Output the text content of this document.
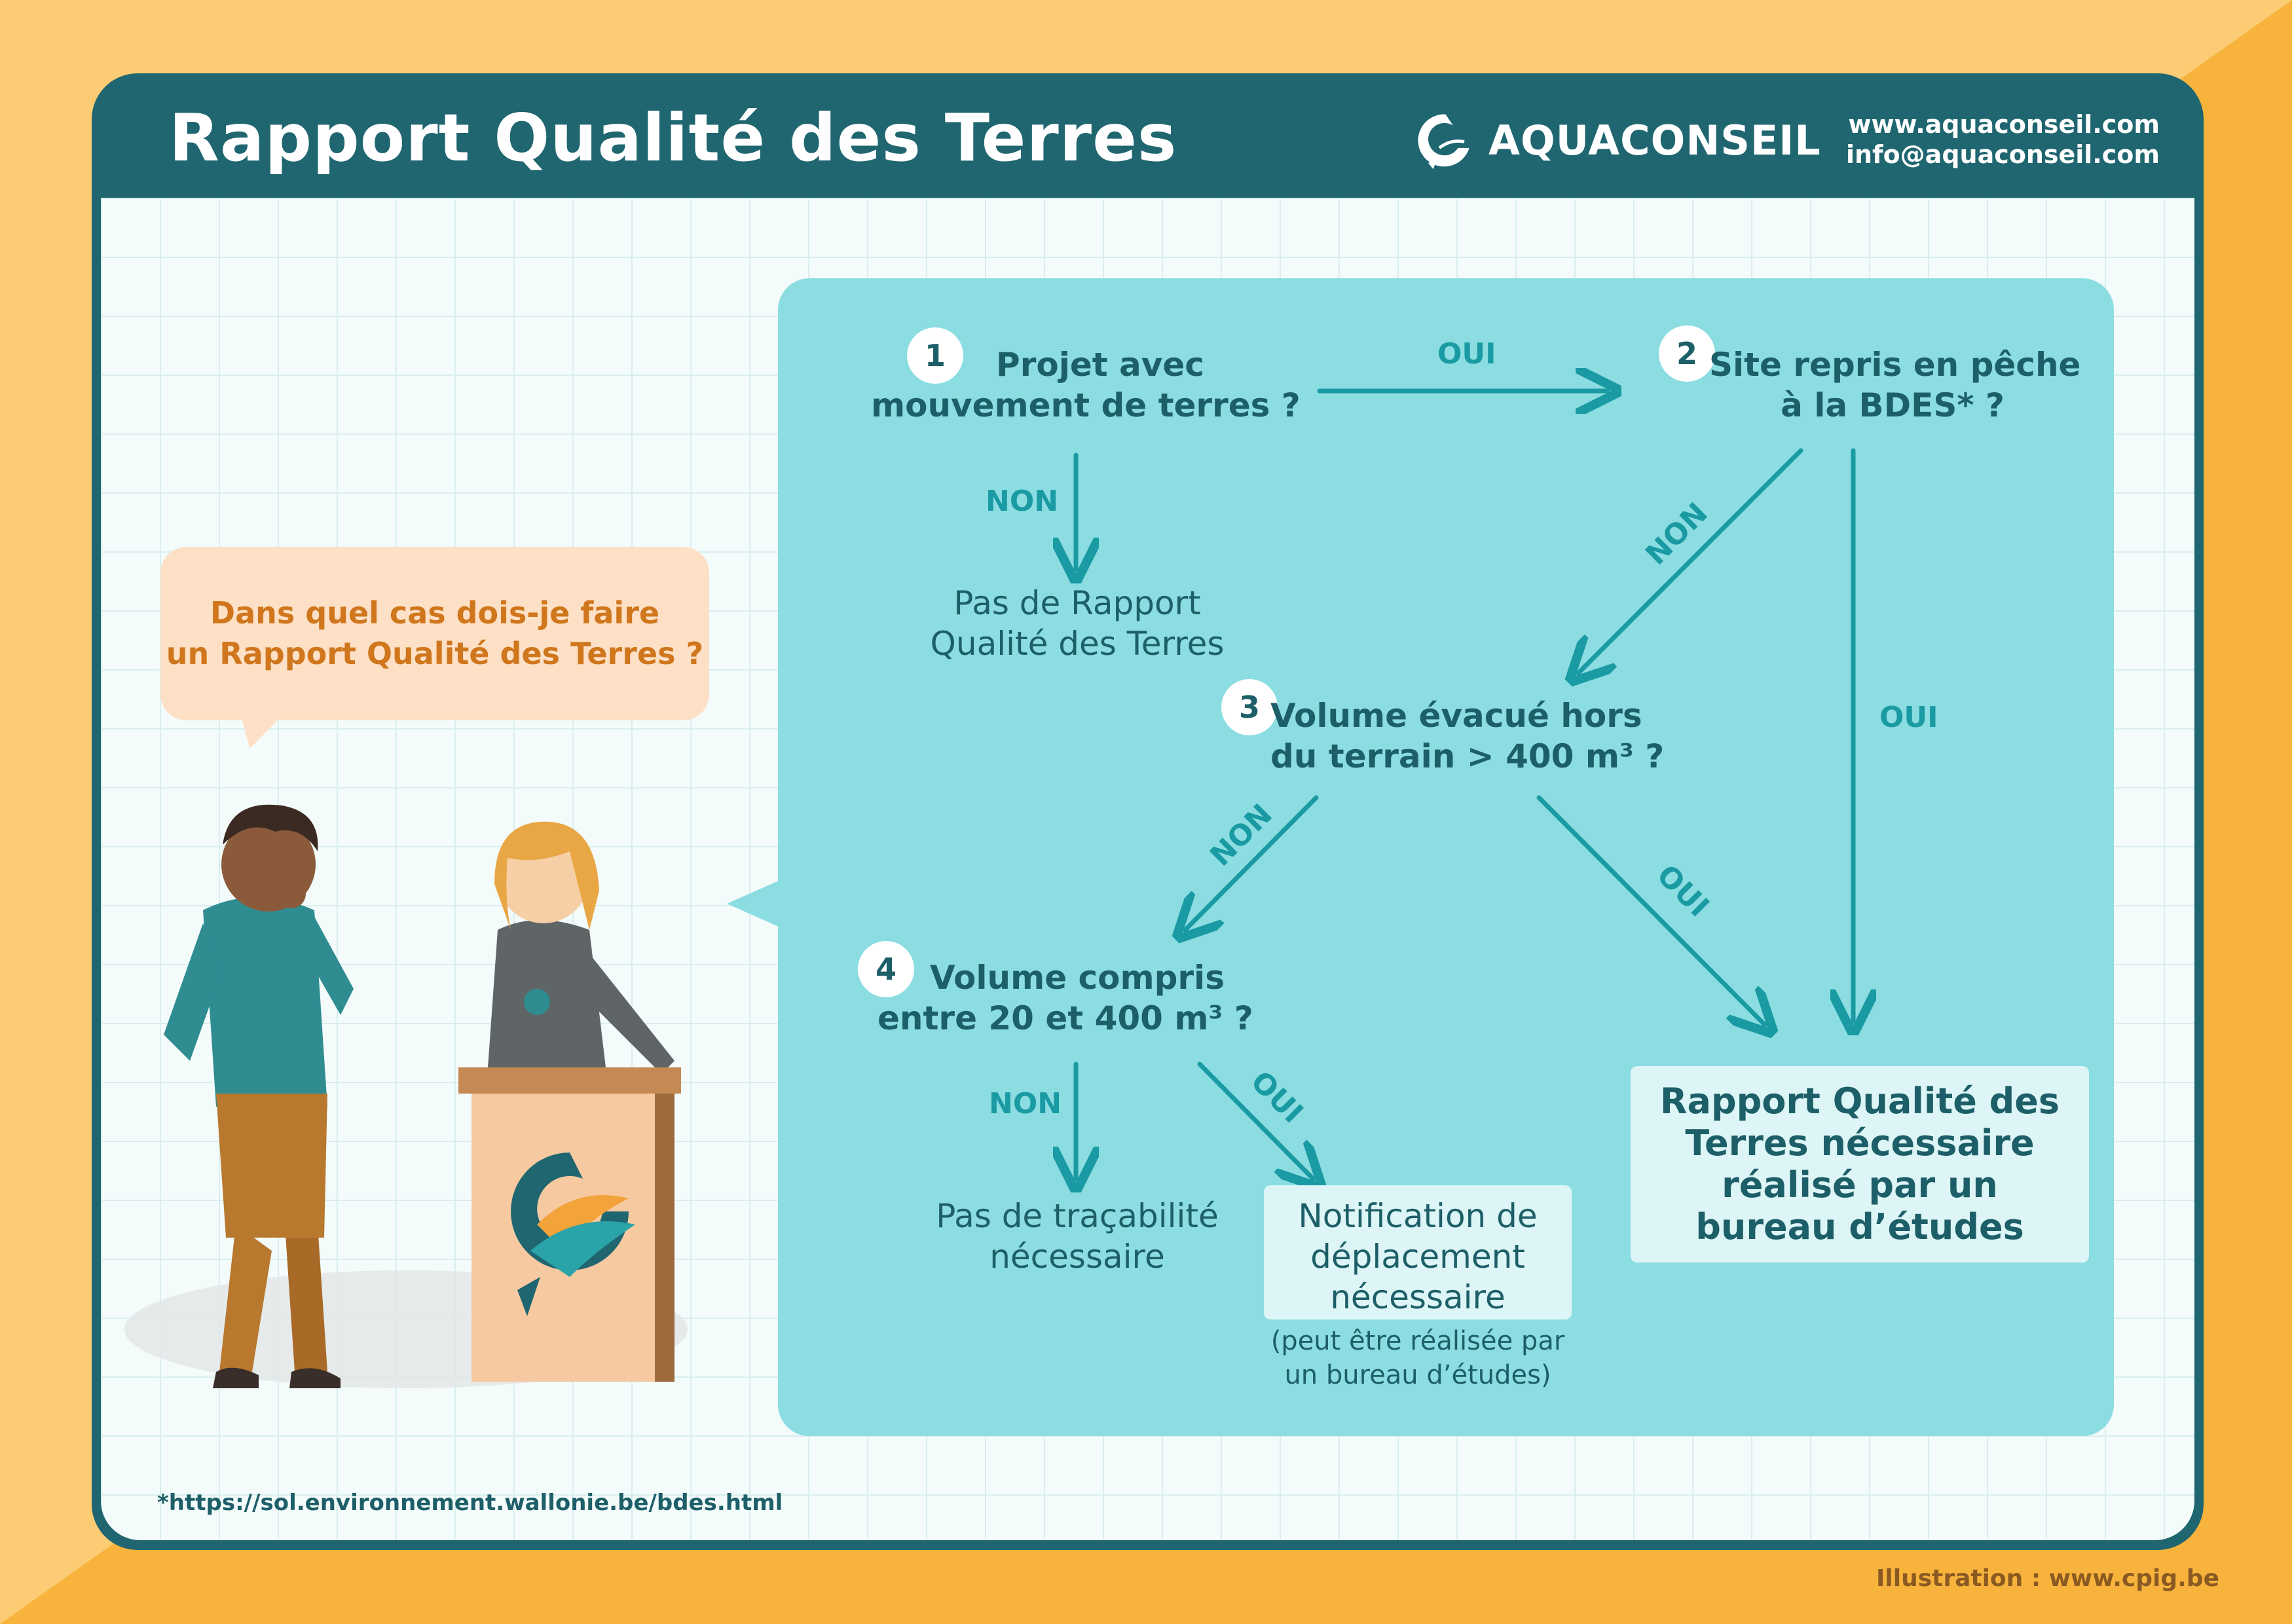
Rapport Qualité des Terres	AQUACONSEIL	www.aquaconseil.com
info@aquaconseil.com
Dans quel cas dois-je faire
un Rapport Qualité des Terres ?
OUI
NON	NON
OUI
NON
OUI
NON	OUI
1	Projet avec
mouvement de terres ?
2 Site repris en pêche
à la BDES* ?
Pas de Rapport
Qualité des Terres
3 Volume évacué hors
du terrain > 400 m³ ?
4	Volume compris
entre 20 et 400 m³ ?
Pas de traçabilité
nécessaire
Notification de
déplacement
nécessaire
(peut être réalisée par
un bureau d’études)
Rapport Qualité des
Terres nécessaire
réalisé par un
bureau d’études
*https://sol.environnement.wallonie.be/bdes.html
Illustration : www.cpig.be
